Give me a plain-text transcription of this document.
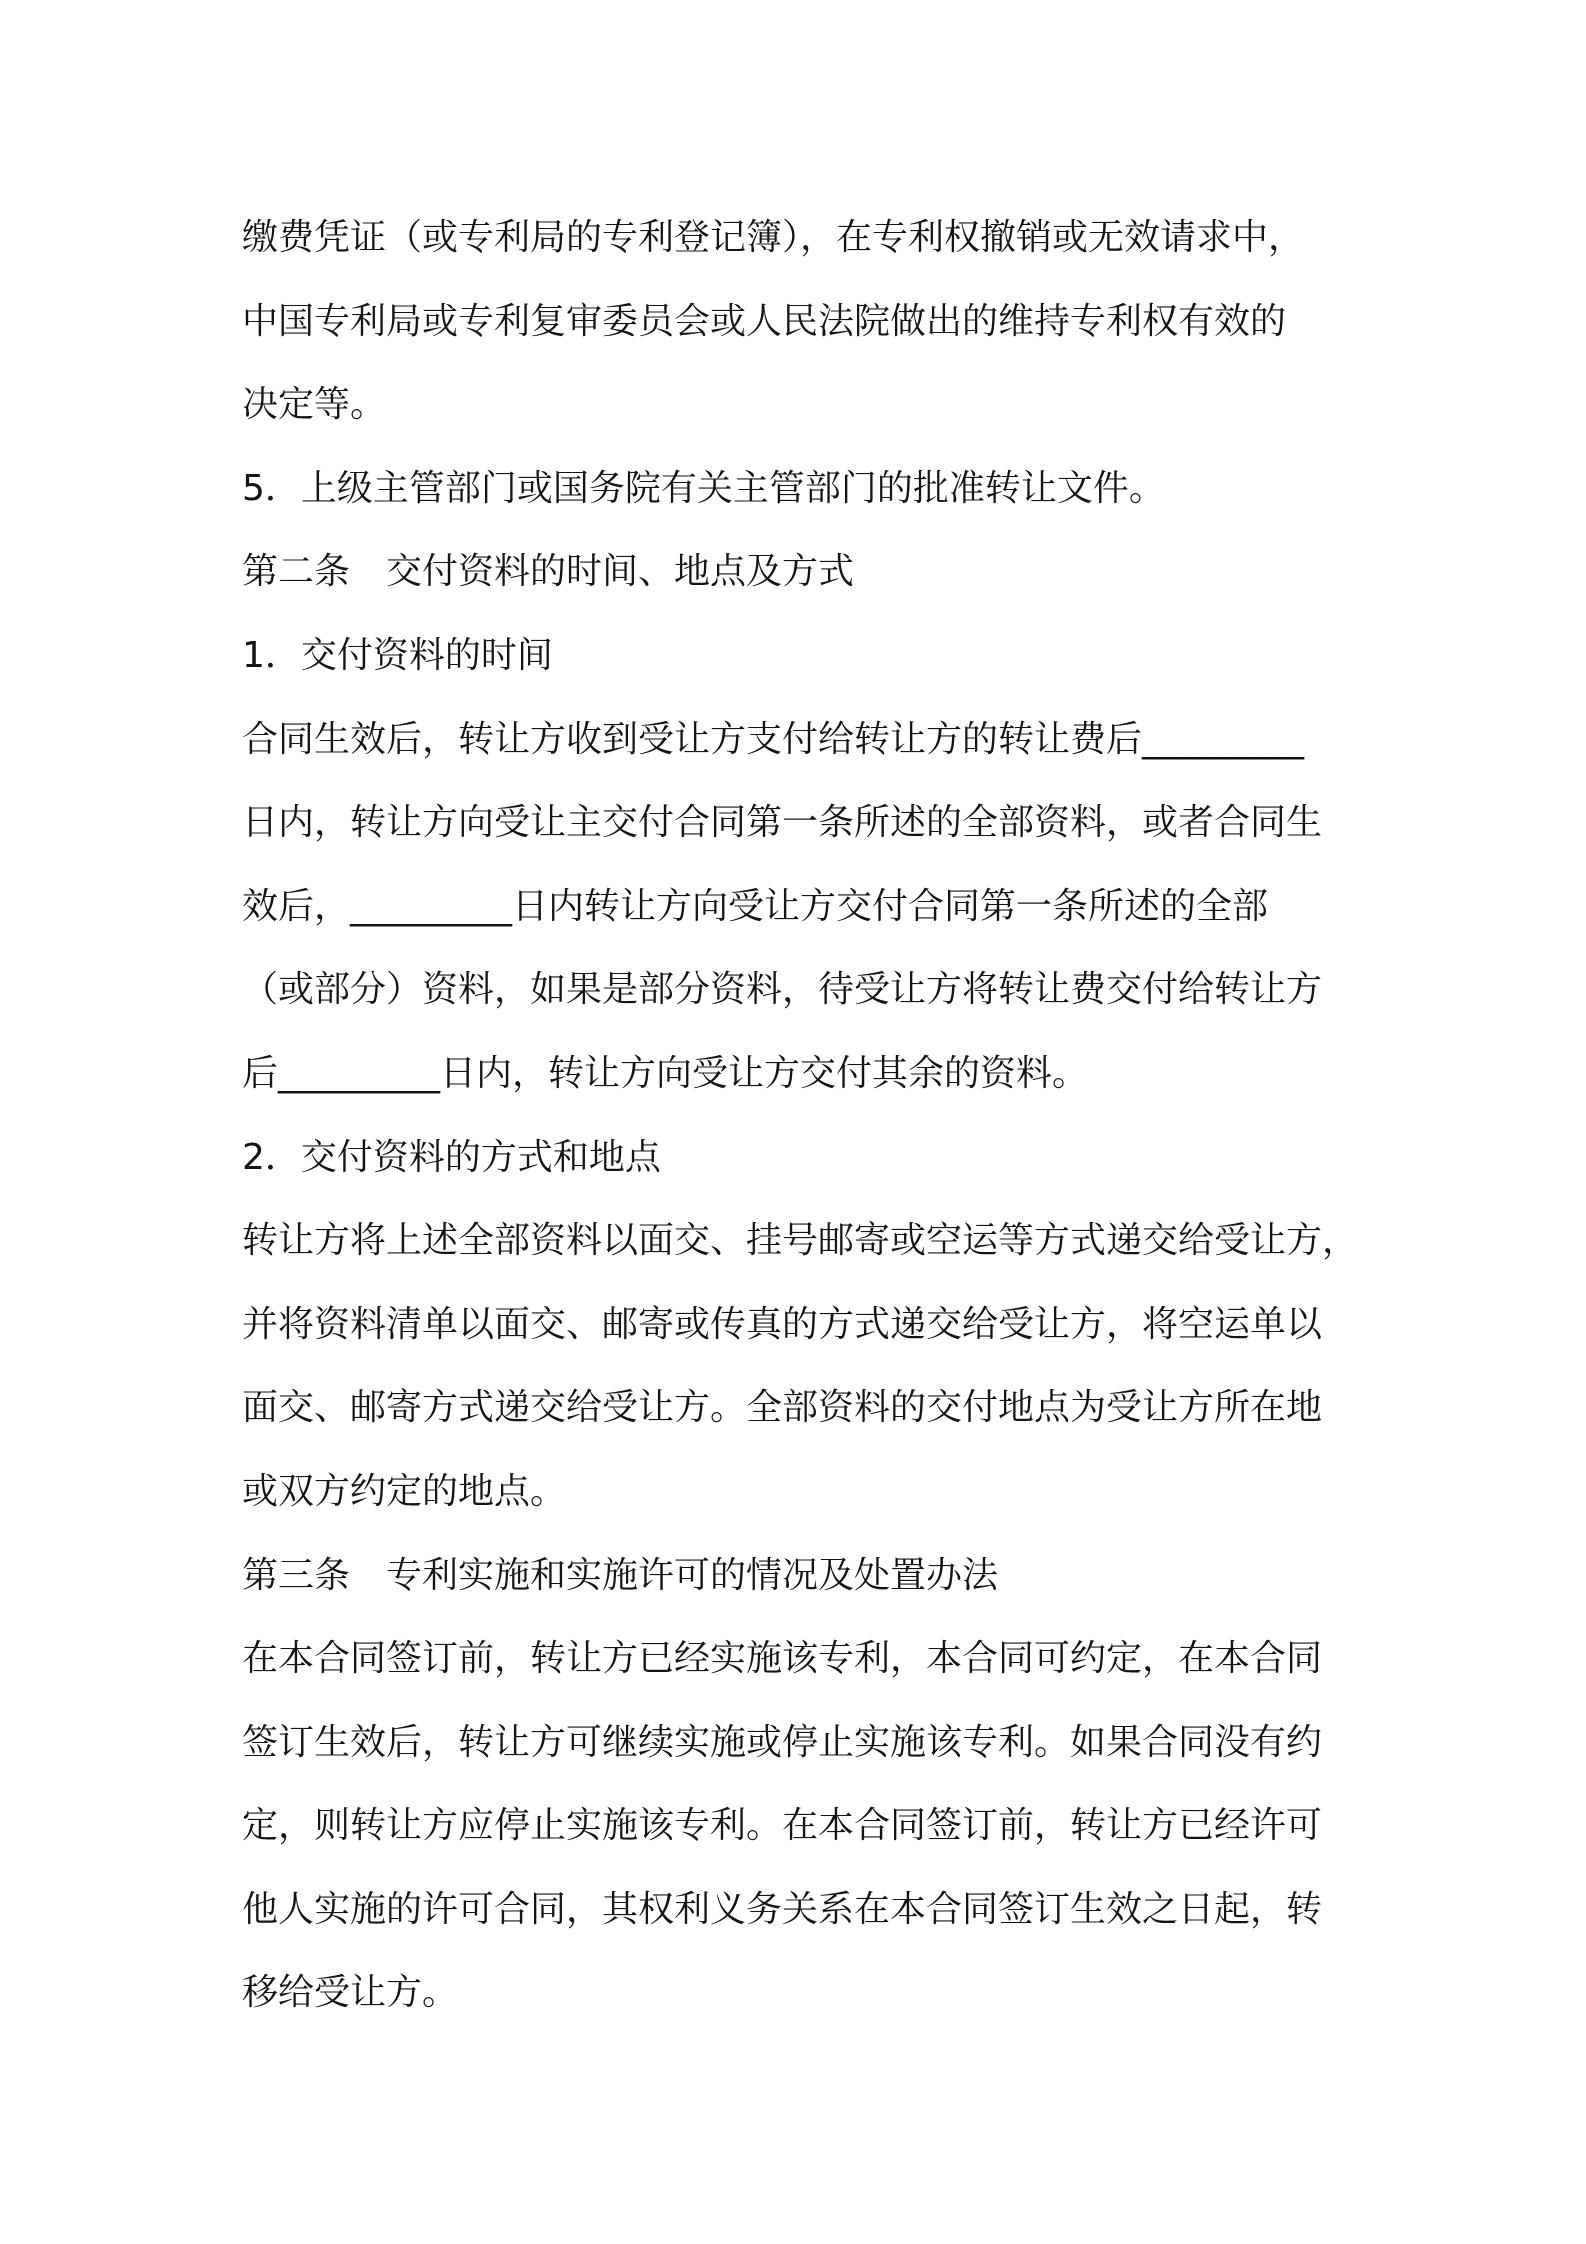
缴费凭证（或专利局的专利登记簿），在专利权撤销或无效请求中，
中国专利局或专利复审委员会或人民法院做出的维持专利权有效的
决定等。
5．上级主管部门或国务院有关主管部门的批准转让文件。
第二条　交付资料的时间、地点及方式
1．交付资料的时间
合同生效后，转让方收到受让方支付给转让方的转让费后_________
日内，转让方向受让主交付合同第一条所述的全部资料，或者合同生
效后，_________日内转让方向受让方交付合同第一条所述的全部
（或部分）资料，如果是部分资料，待受让方将转让费交付给转让方
后_________日内，转让方向受让方交付其余的资料。
2．交付资料的方式和地点
转让方将上述全部资料以面交、挂号邮寄或空运等方式递交给受让方，
并将资料清单以面交、邮寄或传真的方式递交给受让方，将空运单以
面交、邮寄方式递交给受让方。全部资料的交付地点为受让方所在地
或双方约定的地点。
第三条　专利实施和实施许可的情况及处置办法
在本合同签订前，转让方已经实施该专利，本合同可约定，在本合同
签订生效后，转让方可继续实施或停止实施该专利。如果合同没有约
定，则转让方应停止实施该专利。在本合同签订前，转让方已经许可
他人实施的许可合同，其权利义务关系在本合同签订生效之日起，转
移给受让方。
